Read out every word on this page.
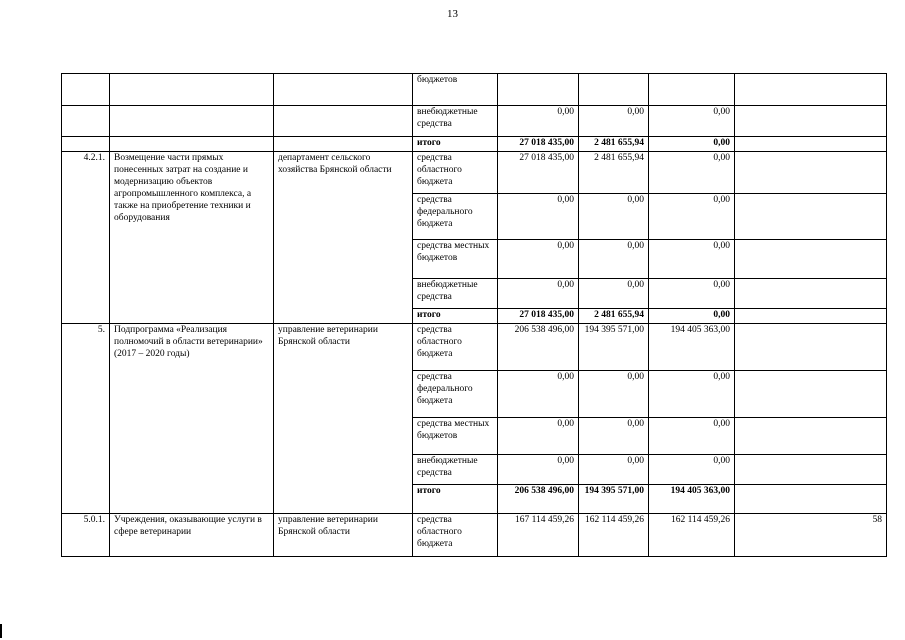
13
			бюджетов				
			внебюджетные средства	0,00	0,00	0,00	
			итого	27 018 435,00	2 481 655,94	0,00	
4.2.1.	Возмещение части прямых понесенных затрат на создание и модернизацию объектов агропромышленного комплекса, а также на приобретение техники и оборудования	департамент сельского хозяйства Брянской области	средства областного бюджета	27 018 435,00	2 481 655,94	0,00	
			средства федерального бюджета	0,00	0,00	0,00	
			средства местных бюджетов	0,00	0,00	0,00	
			внебюджетные средства	0,00	0,00	0,00	
			итого	27 018 435,00	2 481 655,94	0,00	
5.	Подпрограмма «Реализация полномочий в области ветеринарии» (2017 – 2020 годы)	управление ветеринарии Брянской области	средства областного бюджета	206 538 496,00	194 395 571,00	194 405 363,00	
			средства федерального бюджета	0,00	0,00	0,00	
			средства местных бюджетов	0,00	0,00	0,00	
			внебюджетные средства	0,00	0,00	0,00	
			итого	206 538 496,00	194 395 571,00	194 405 363,00	
5.0.1.	Учреждения, оказывающие услуги в сфере ветеринарии	управление ветеринарии Брянской области	средства областного бюджета	167 114 459,26	162 114 459,26	162 114 459,26	58
